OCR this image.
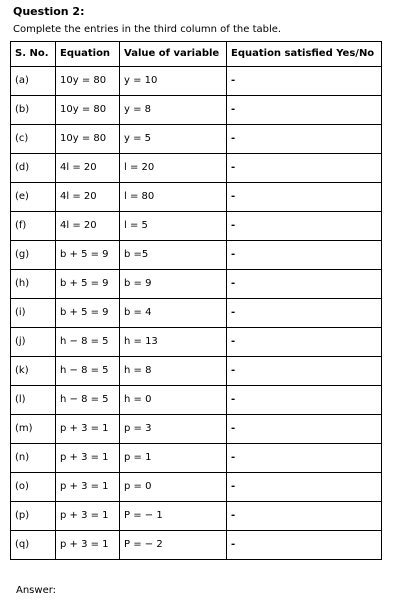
Question 2:
Complete the entries in the third column of the table.
S. No.	Equation	Value of variable	Equation satisfied Yes/No
(a)	10y = 80	y = 10	-
(b)	10y = 80	y = 8	-
(c)	10y = 80	y = 5	-
(d)	4l = 20	l = 20	-
(e)	4l = 20	l = 80	-
(f)	4l = 20	l = 5	-
(g)	b + 5 = 9	b =5	-
(h)	b + 5 = 9	b = 9	-
(i)	b + 5 = 9	b = 4	-
(j)	h − 8 = 5	h = 13	-
(k)	h − 8 = 5	h = 8	-
(l)	h − 8 = 5	h = 0	-
(m)	p + 3 = 1	p = 3	-
(n)	p + 3 = 1	p = 1	-
(o)	p + 3 = 1	p = 0	-
(p)	p + 3 = 1	P = − 1	-
(q)	p + 3 = 1	P = − 2	-
Answer:
